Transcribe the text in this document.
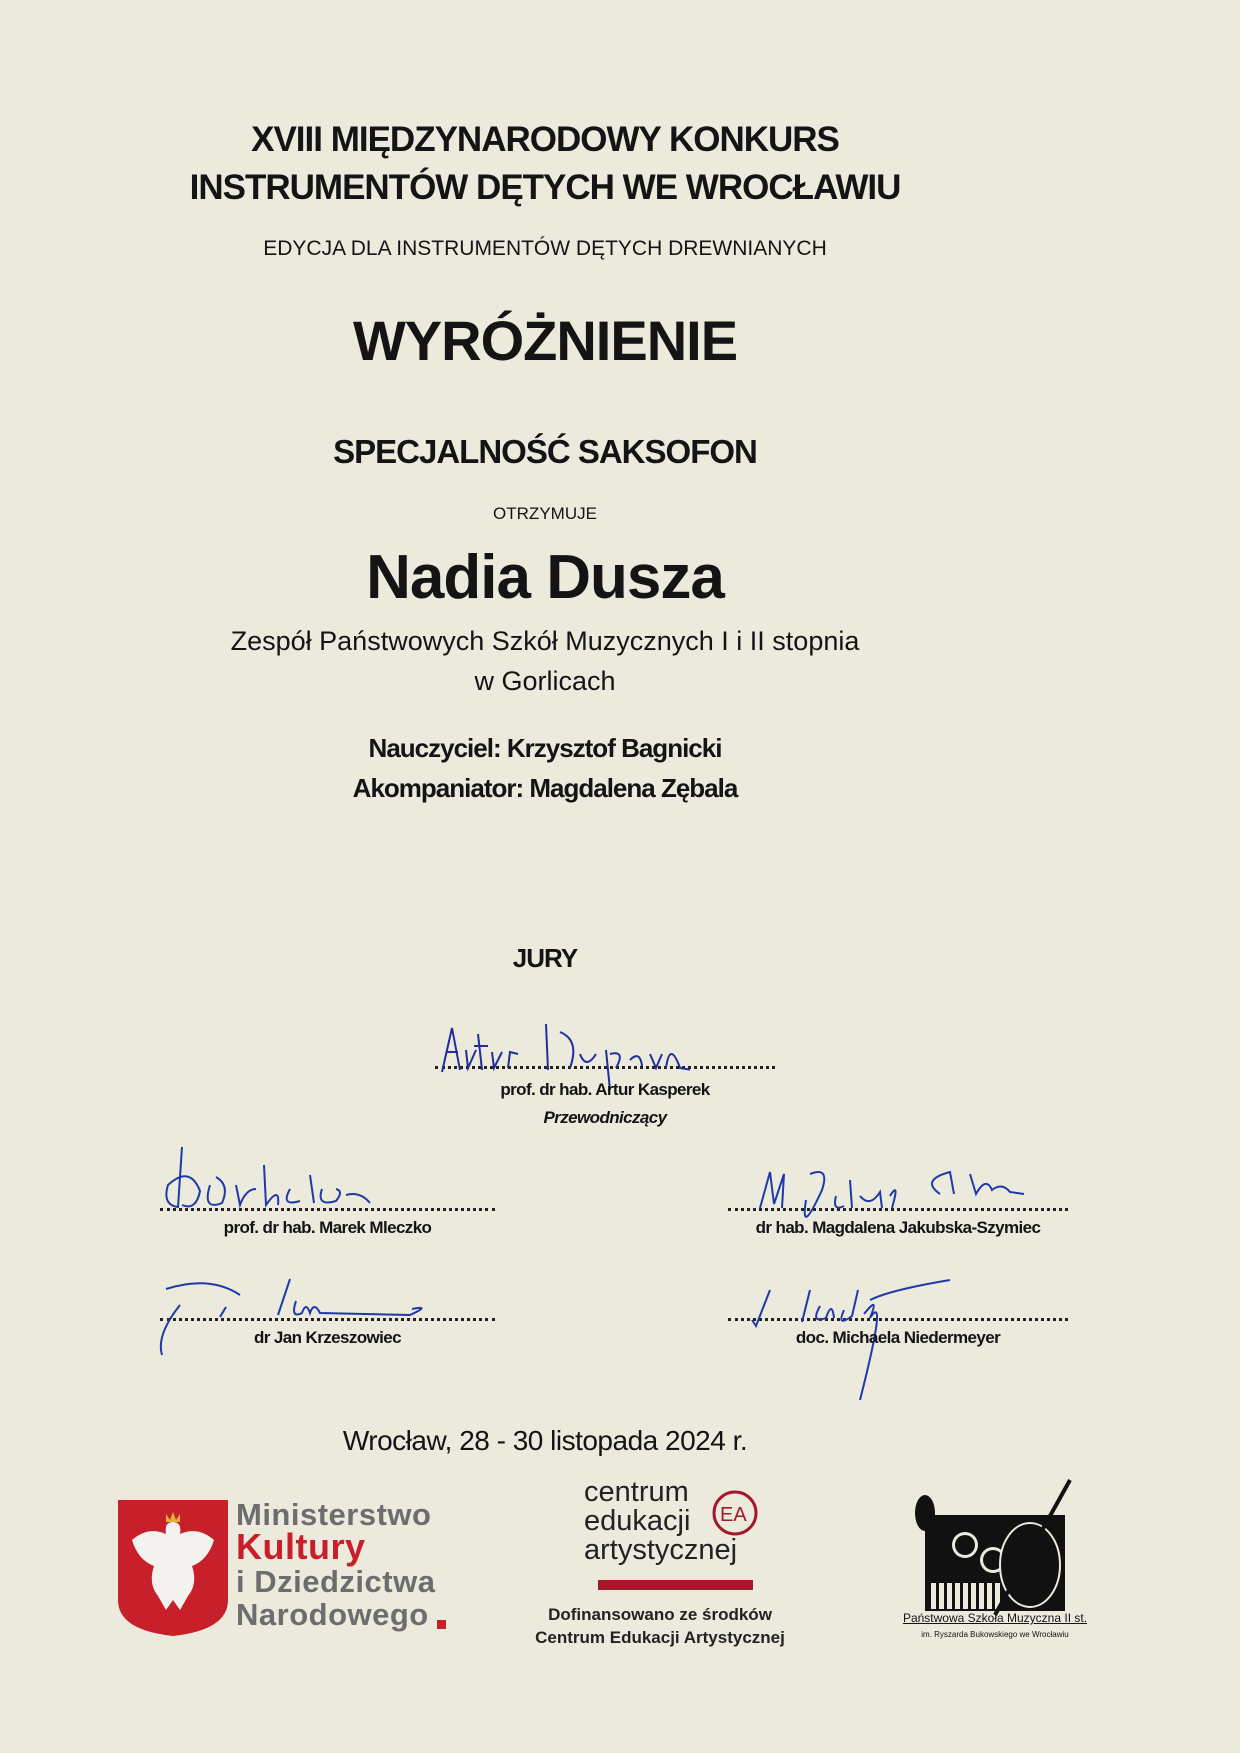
XVIII MIĘDZYNARODOWY KONKURS
INSTRUMENTÓW DĘTYCH WE WROCŁAWIU
EDYCJA DLA INSTRUMENTÓW DĘTYCH DREWNIANYCH
WYRÓŻNIENIE
SPECJALNOŚĆ SAKSOFON
OTRZYMUJE
Nadia Dusza
Zespół Państwowych Szkół Muzycznych I i II stopnia
w Gorlicach
Nauczyciel: Krzysztof Bagnicki
Akompaniator: Magdalena Zębala
JURY
prof. dr hab. Artur Kasperek
Przewodniczący
prof. dr hab. Marek Mleczko	dr hab. Magdalena Jakubska-Szymiec
dr Jan Krzeszowiec	doc. Michaela Niedermeyer
Wrocław, 28 - 30 listopada 2024 r.
Ministerstwo
Kultury
i Dziedzictwa
Narodowego
centrum
edukacji
artystycznej
EA
Dofinansowano ze środków
Centrum Edukacji Artystycznej
Państwowa Szkoła Muzyczna II st.
im. Ryszarda Bukowskiego we Wrocławiu
